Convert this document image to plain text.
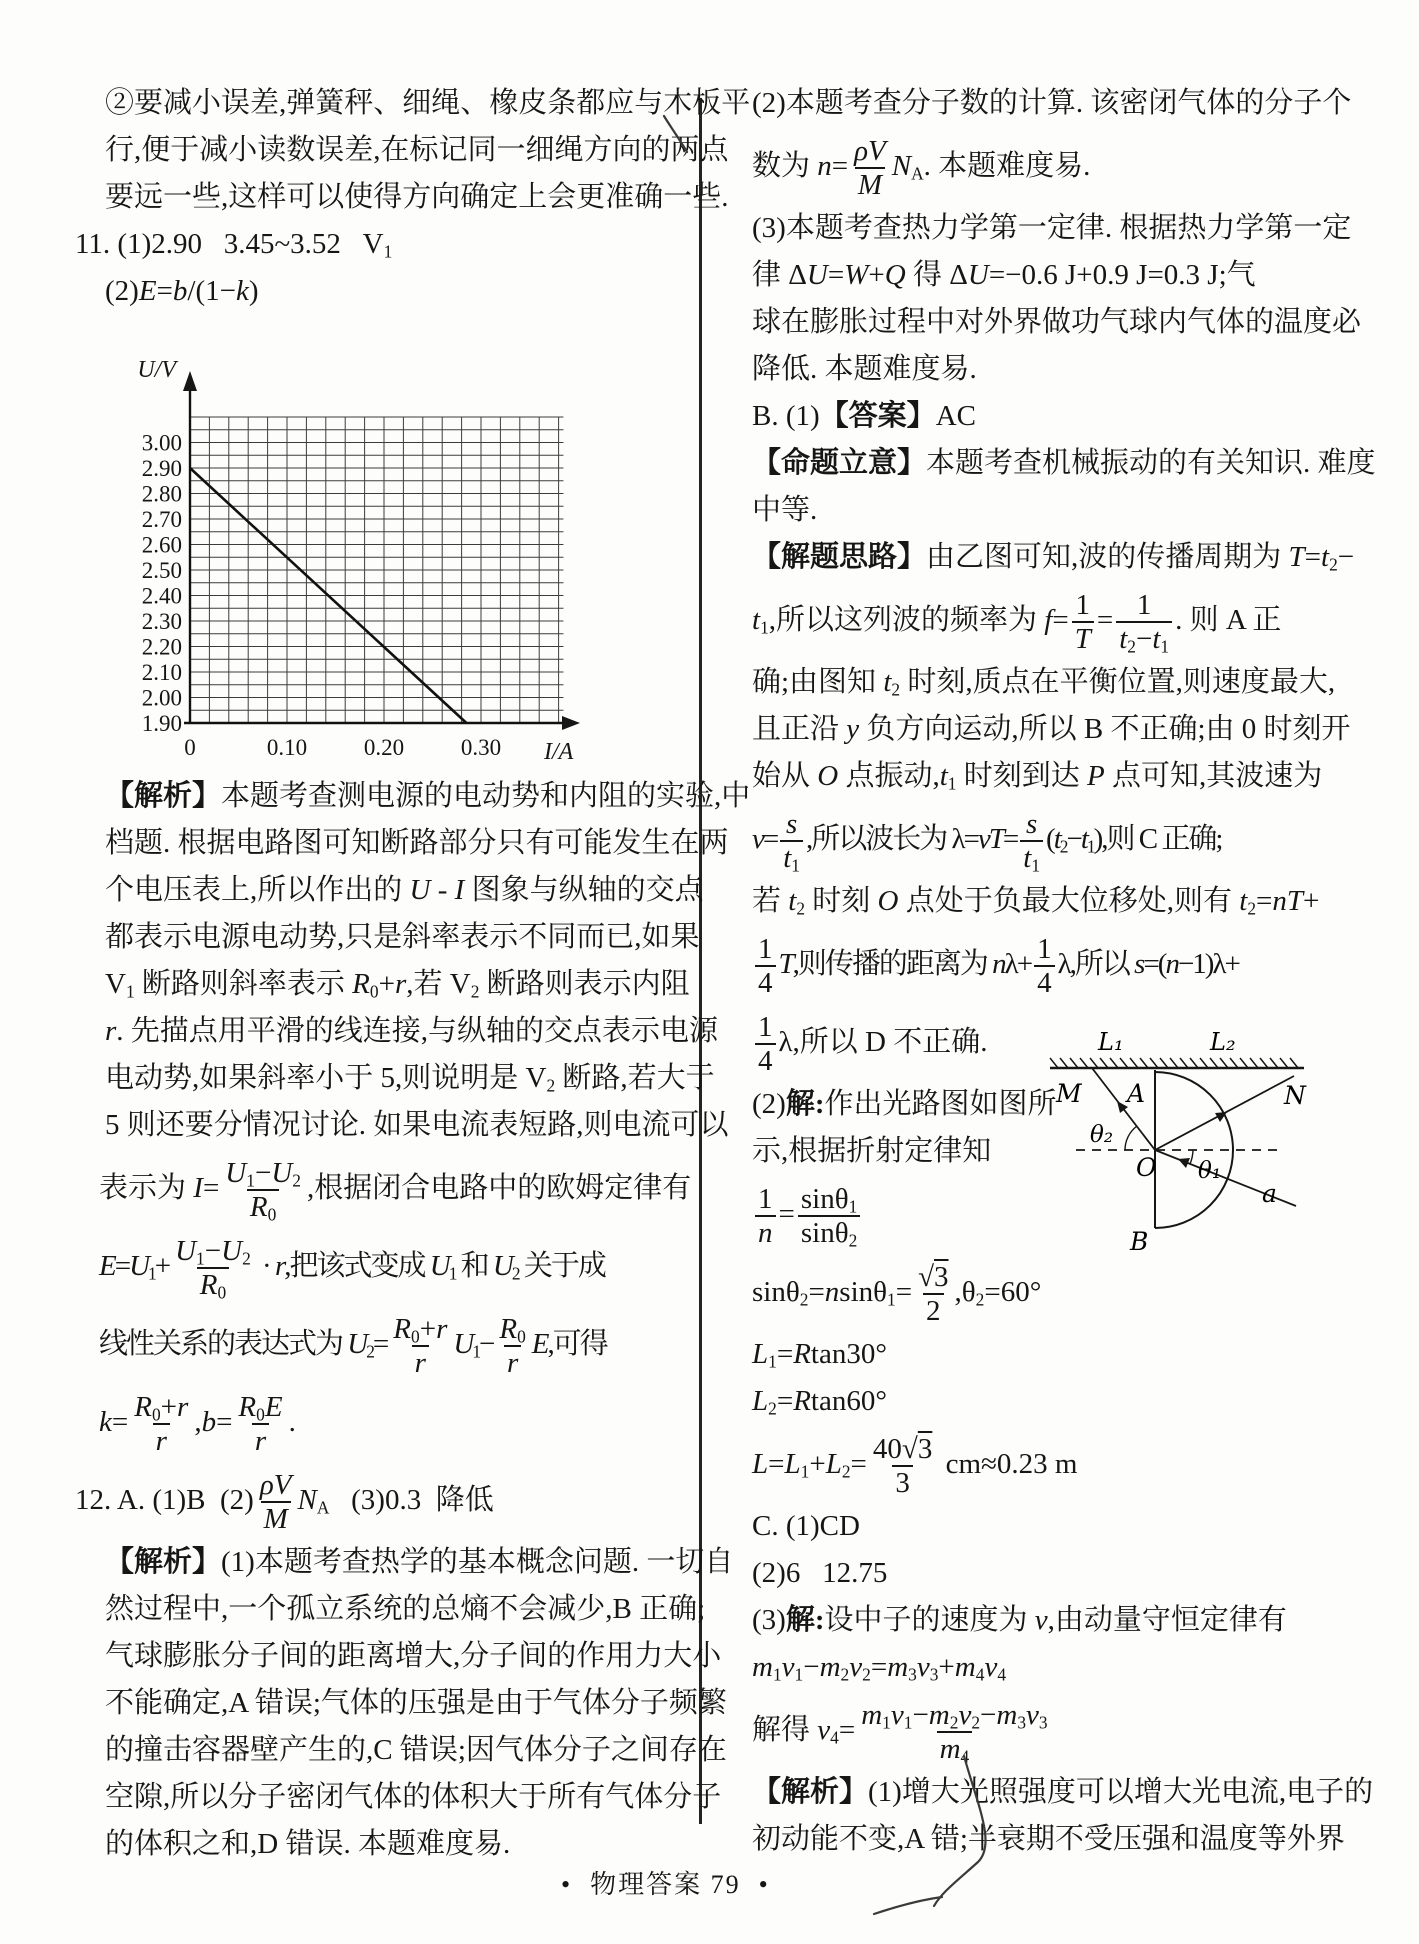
②要减小误差,弹簧秤、细绳、橡皮条都应与木板平
行,便于减小读数误差,在标记同一细绳方向的两点
要远一些,这样可以使得方向确定上会更准确一些.
11. (1)2.90   3.45~3.52   $V_1$
(2)E=b/(1−k)
3.00
2.90
2.80
2.70
2.60
2.50
2.40
2.30
2.20
2.10
2.00
1.90
0	0.10 0.20 0.30
U/V
I/A
【解析】本题考查测电源的电动势和内阻的实验,中
档题. 根据电路图可知断路部分只有可能发生在两
个电压表上,所以作出的 U - I 图象与纵轴的交点
都表示电源电动势,只是斜率表示不同而已,如果
$V_1$ 断路则斜率表示 $R_0+r$,若 $V_2$ 断路则表示内阻
r. 先描点用平滑的线连接,与纵轴的交点表示电源
电动势,如果斜率小于 5,则说明是 $V_2$ 断路,若大于
5 则还要分情况讨论. 如果电流表短路,则电流可以
表示为 $I= \frac{U_1-U_2}{R_0}$ ,根据闭合电路中的欧姆定律有
$E=U_1+ \frac{U_1-U_2}{R_0} \cdot r$,把该式变成 $U_1$ 和 $U_2$ 关于成
线性关系的表达式为 $U_2= \frac{R_0+r}{r} U_1- \frac{R_0}{r} E$,可得
$k= \frac{R_0+r}{r} ,b= \frac{R_0E}{r}$ .
12. A. (1)B  $(2) \frac{\rho V}{M} N_A$   (3)0.3  降低
【解析】(1)本题考查热学的基本概念问题. 一切自
然过程中,一个孤立系统的总熵不会减少,B 正确;
气球膨胀分子间的距离增大,分子间的作用力大小
不能确定,A 错误;气体的压强是由于气体分子频繁
的撞击容器壁产生的,C 错误;因气体分子之间存在
空隙,所以分子密闭气体的体积大于所有气体分子
的体积之和,D 错误. 本题难度易.
(2)本题考查分子数的计算. 该密闭气体的分子个
数为 $n= \frac{\rho V}{M} N_A$. 本题难度易.
(3)本题考查热力学第一定律. 根据热力学第一定
律 ΔU=W+Q 得 ΔU=−0.6 J+0.9 J=0.3 J;气
球在膨胀过程中对外界做功气球内气体的温度必
降低. 本题难度易.
B. (1)【答案】AC
【命题立意】本题考查机械振动的有关知识. 难度
中等.
【解题思路】由乙图可知,波的传播周期为 $T=t_2-$
$t_1$,所以这列波的频率为 $f= \frac{1}{T} = \frac{1}{t_2-t_1}$ . 则 A 正
确;由图知 $t_2$ 时刻,质点在平衡位置,则速度最大,
且正沿 y 负方向运动,所以 B 不正确;由 0 时刻开
始从 O 点振动$,t_1$ 时刻到达 P 点可知,其波速为
$v= \frac{s}{t_1}$ ,所以波长为 $\lambda=vT= \frac{s}{t_1} (t_2-t_1)$,则 C 正确;
若 $t_2$ 时刻 O 点处于负最大位移处,则有 $t_2=nT+$
$\frac{1}{4} T$,则传播的距离为 $n\lambda+ \frac{1}{4} \lambda$,所以 s=(n−1)λ+
$\frac{1}{4} \lambda$,所以 D 不正确.
(2)解:作出光路图如图所
示,根据折射定律知
$\frac{1}{n} = \frac{\sin\theta_1}{\sin\theta_2}$
$\sin\theta_2=nsin\theta_1= \frac{√3}{2} ,\theta_2=60^\circ$
$L_1=Rtan30^\circ$
$L_2=Rtan60^\circ$
$L=L_1+L_2= \frac{40√3}{3} cm\approx 0.23$ m
C. (1)CD
(2)6   12.75
(3)解:设中子的速度为 v,由动量守恒定律有
$m_1v_1-m_2v_2=m_3v_3+m_4v_4$
解得 $v_4= \frac{m_1v_1-m_2v_2-m_3v_3}{m_4}$
【解析】(1)增大光照强度可以增大光电流,电子的
初动能不变,A 错;半衰期不受压强和温度等外界
L₁	L₂
M A	N
O
B
θ₂
θ₁
a
• 物理答案 79 •
